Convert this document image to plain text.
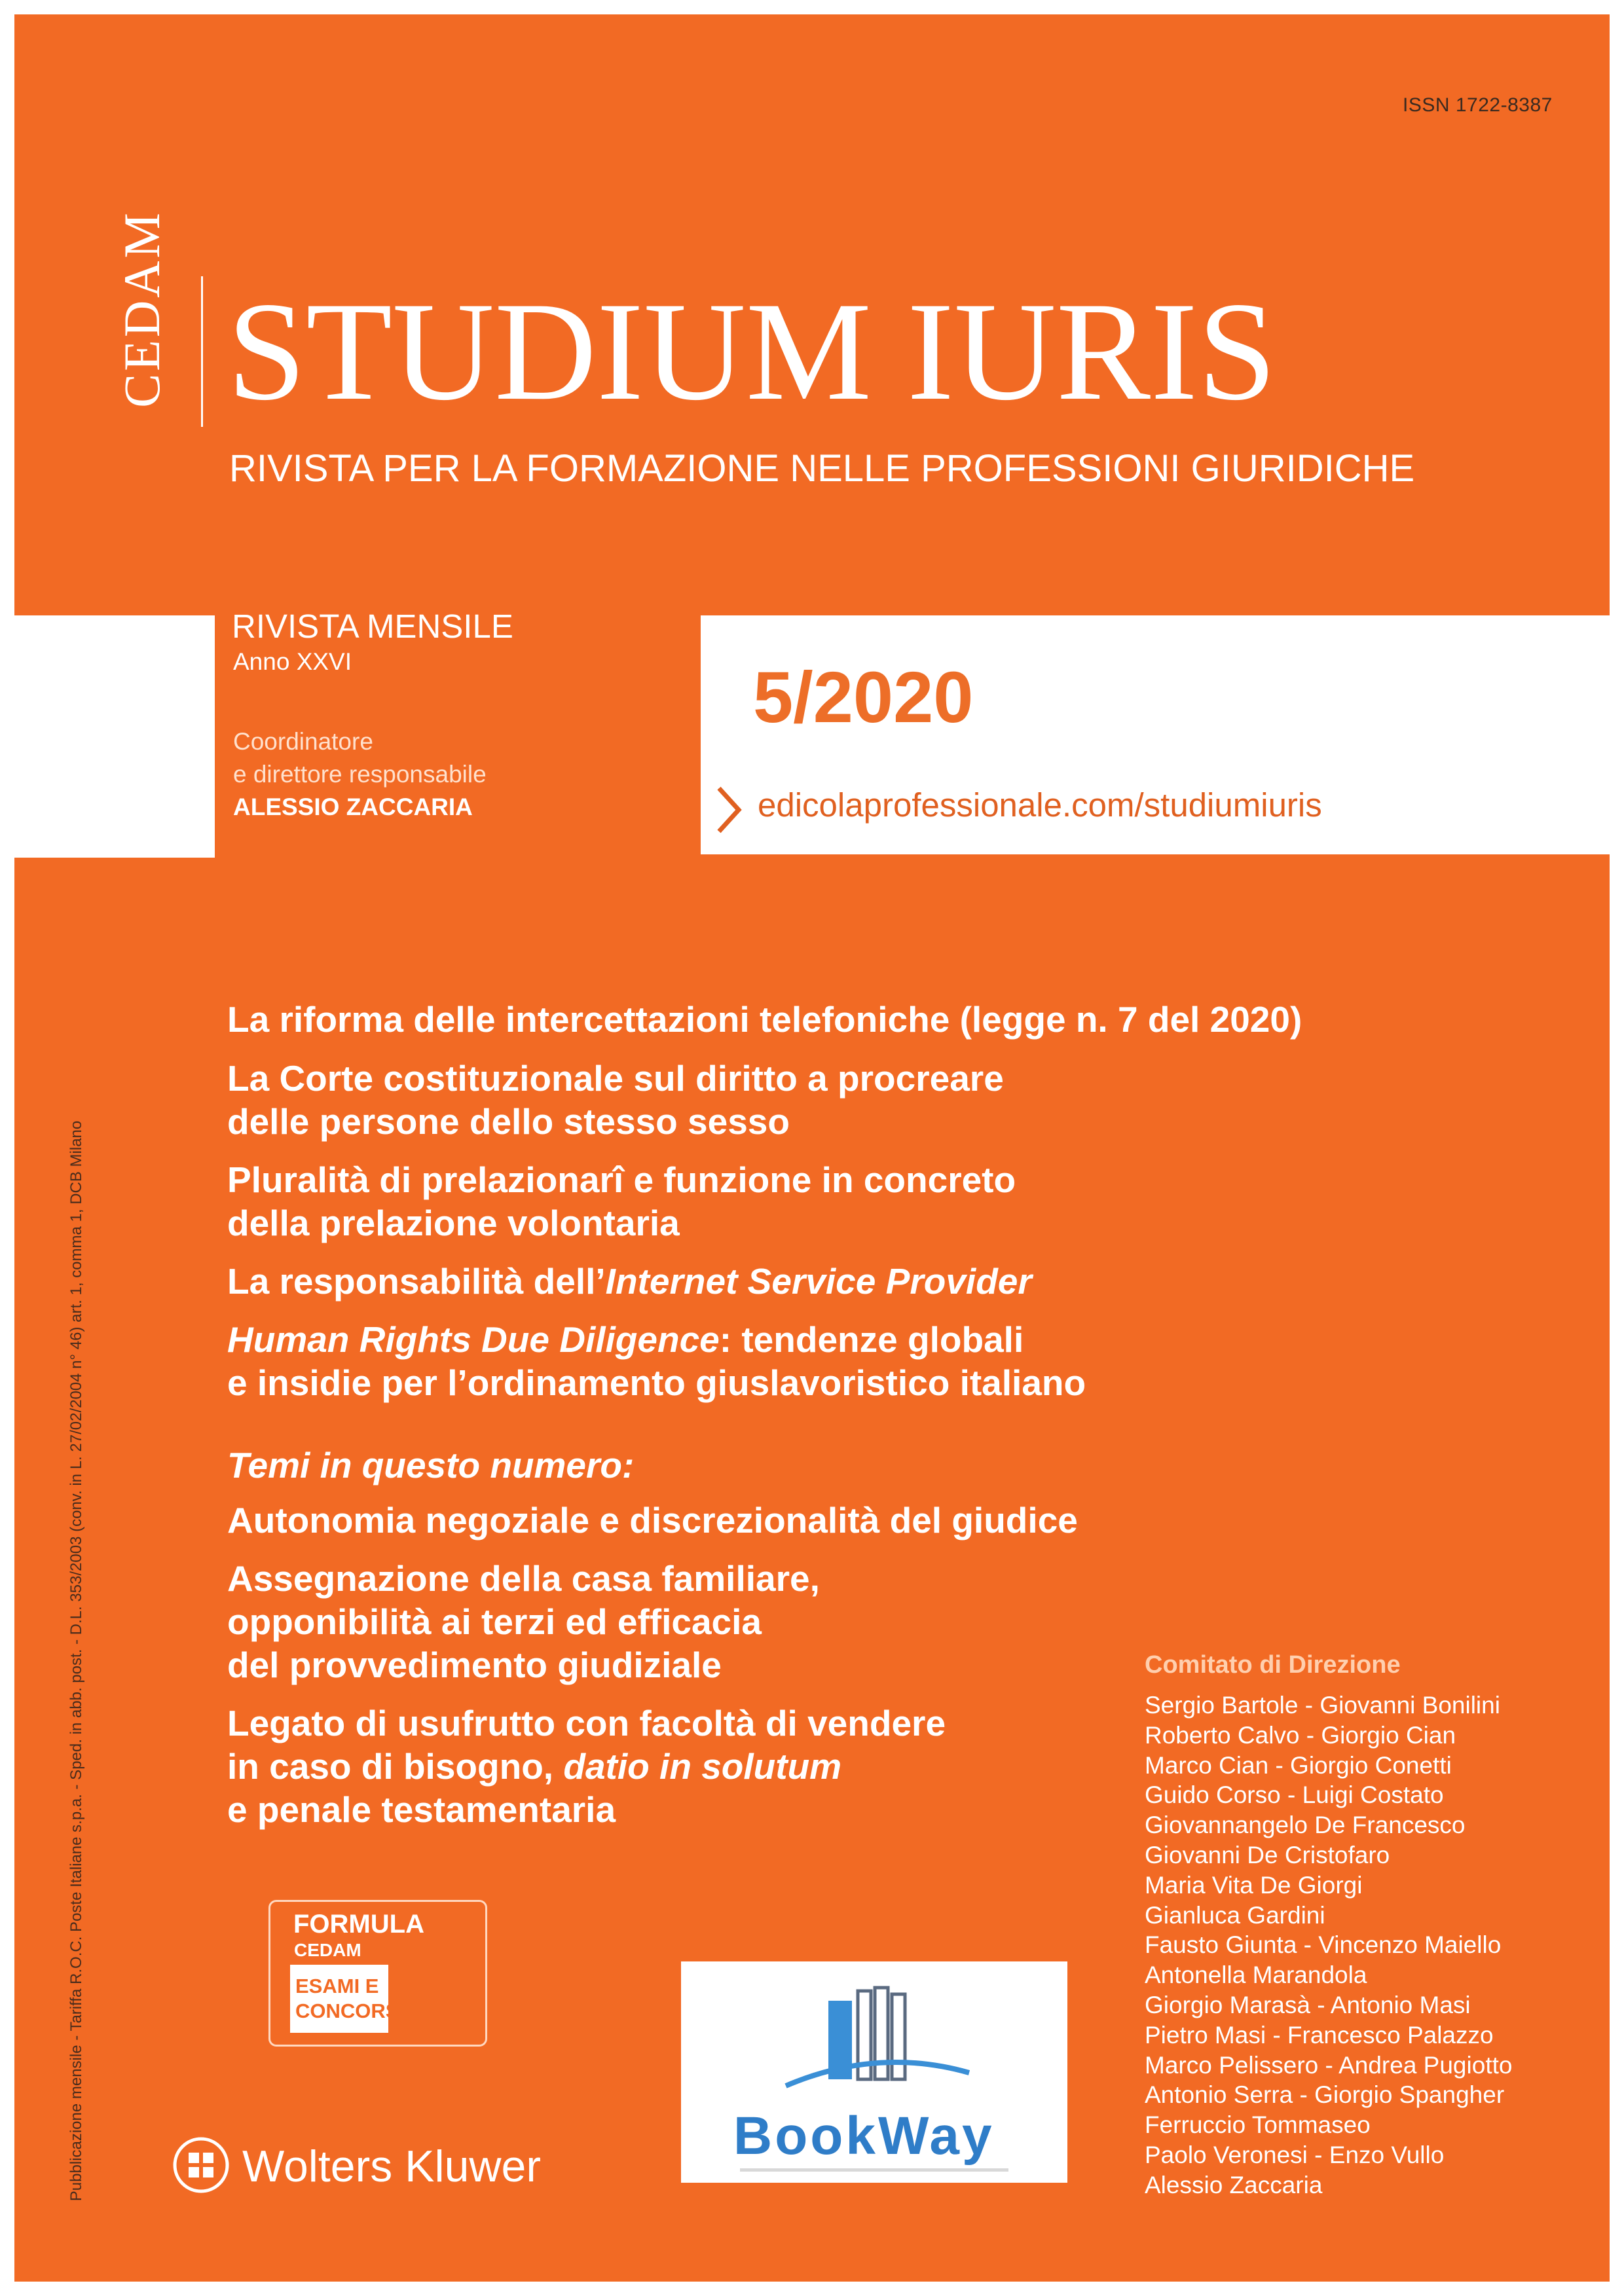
ISSN 1722-8387
CEDAM STUDIUM IURIS
RIVISTA PER LA FORMAZIONE NELLE PROFESSIONI GIURIDICHE
RIVISTA MENSILE
Anno XXVI
Coordinatore
e direttore responsabile
ALESSIO ZACCARIA
5/2020
edicolaprofessionale.com/studiumiuris
La riforma delle intercettazioni telefoniche (legge n. 7 del 2020)
La Corte costituzionale sul diritto a procreare
delle persone dello stesso sesso
Pluralità di prelazionarî e funzione in concreto
della prelazione volontaria
La responsabilità dell’Internet Service Provider
Human Rights Due Diligence: tendenze globali
e insidie per l’ordinamento giuslavoristico italiano
Temi in questo numero:
Autonomia negoziale e discrezionalità del giudice
Assegnazione della casa familiare,
opponibilità ai terzi ed efficacia
del provvedimento giudiziale
Legato di usufrutto con facoltà di vendere
in caso di bisogno, datio in solutum
e penale testamentaria
Comitato di Direzione
Sergio Bartole - Giovanni Bonilini
Roberto Calvo - Giorgio Cian
Marco Cian - Giorgio Conetti
Guido Corso - Luigi Costato
Giovannangelo De Francesco
Giovanni De Cristofaro
Maria Vita De Giorgi
Gianluca Gardini
Fausto Giunta - Vincenzo Maiello
Antonella Marandola
Giorgio Marasà - Antonio Masi
Pietro Masi - Francesco Palazzo
Marco Pelissero - Andrea Pugiotto
Antonio Serra - Giorgio Spangher
Ferruccio Tommaseo
Paolo Veronesi - Enzo Vullo
Alessio Zaccaria
Pubblicazione mensile - Tariffa R.O.C. Poste Italiane s.p.a. - Sped. in abb. post. - D.L. 353/2003 (conv. in L. 27/02/2004 n° 46) art. 1, comma 1, DCB Milano	FORMULA
CEDAM
ESAMI E
CONCORSI
Wolters Kluwer
BookWay
